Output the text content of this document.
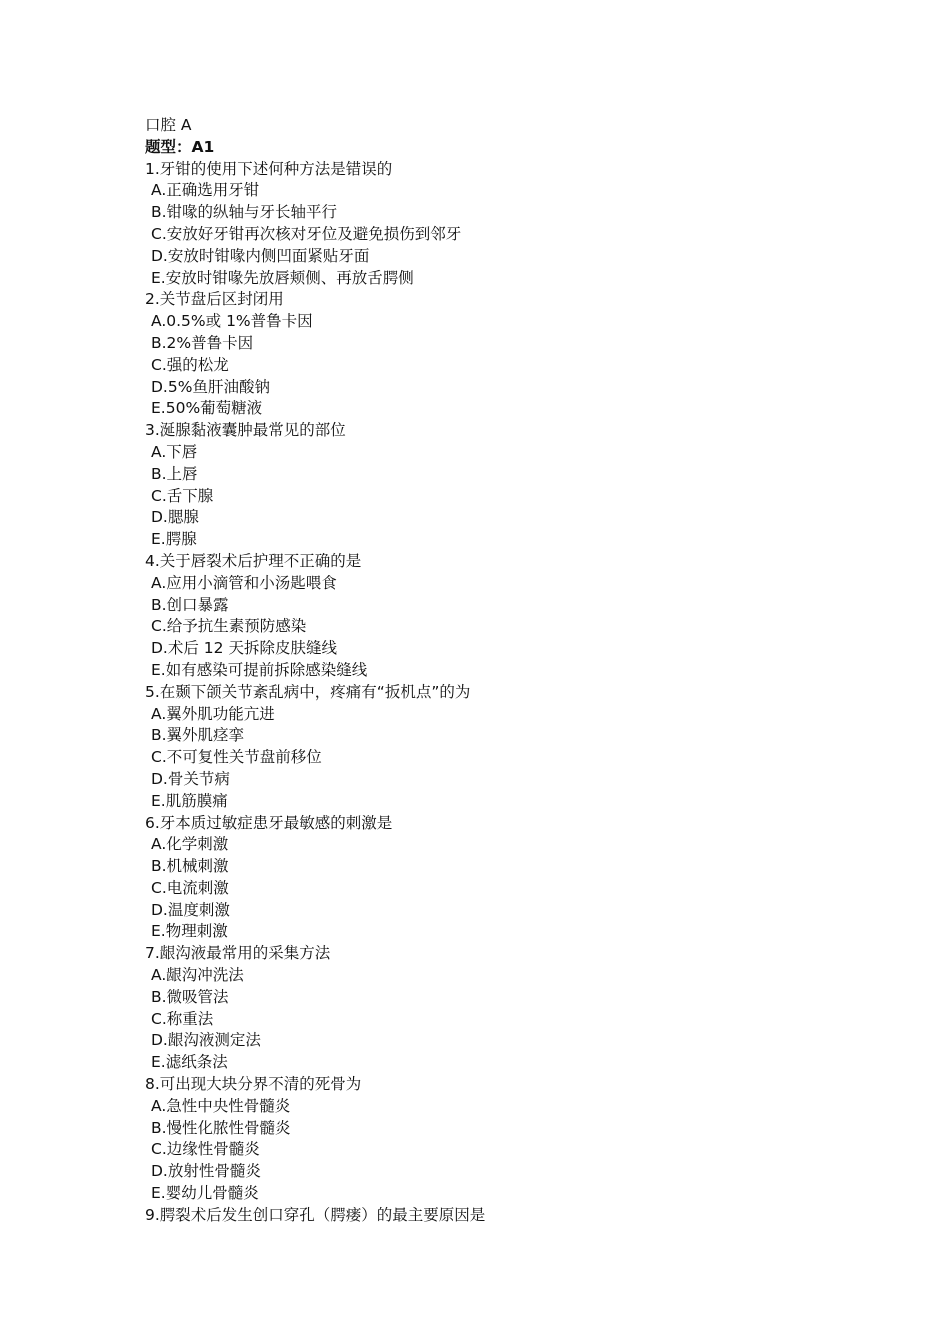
口腔 A
题型：A1
1.牙钳的使用下述何种方法是错误的
A.正确选用牙钳
B.钳喙的纵轴与牙长轴平行
C.安放好牙钳再次核对牙位及避免损伤到邻牙
D.安放时钳喙内侧凹面紧贴牙面
E.安放时钳喙先放唇颊侧、再放舌腭侧
2.关节盘后区封闭用
A.0.5%或 1%普鲁卡因
B.2%普鲁卡因
C.强的松龙
D.5%鱼肝油酸钠
E.50%葡萄糖液
3.涎腺黏液囊肿最常见的部位
A.下唇
B.上唇
C.舌下腺
D.腮腺
E.腭腺
4.关于唇裂术后护理不正确的是
A.应用小滴管和小汤匙喂食
B.创口暴露
C.给予抗生素预防感染
D.术后 12 天拆除皮肤缝线
E.如有感染可提前拆除感染缝线
5.在颞下颌关节紊乱病中，疼痛有“扳机点”的为
A.翼外肌功能亢进
B.翼外肌痉挛
C.不可复性关节盘前移位
D.骨关节病
E.肌筋膜痛
6.牙本质过敏症患牙最敏感的刺激是
A.化学刺激
B.机械刺激
C.电流刺激
D.温度刺激
E.物理刺激
7.龈沟液最常用的采集方法
A.龈沟冲洗法
B.微吸管法
C.称重法
D.龈沟液测定法
E.滤纸条法
8.可出现大块分界不清的死骨为
A.急性中央性骨髓炎
B.慢性化脓性骨髓炎
C.边缘性骨髓炎
D.放射性骨髓炎
E.婴幼儿骨髓炎
9.腭裂术后发生创口穿孔（腭瘘）的最主要原因是
